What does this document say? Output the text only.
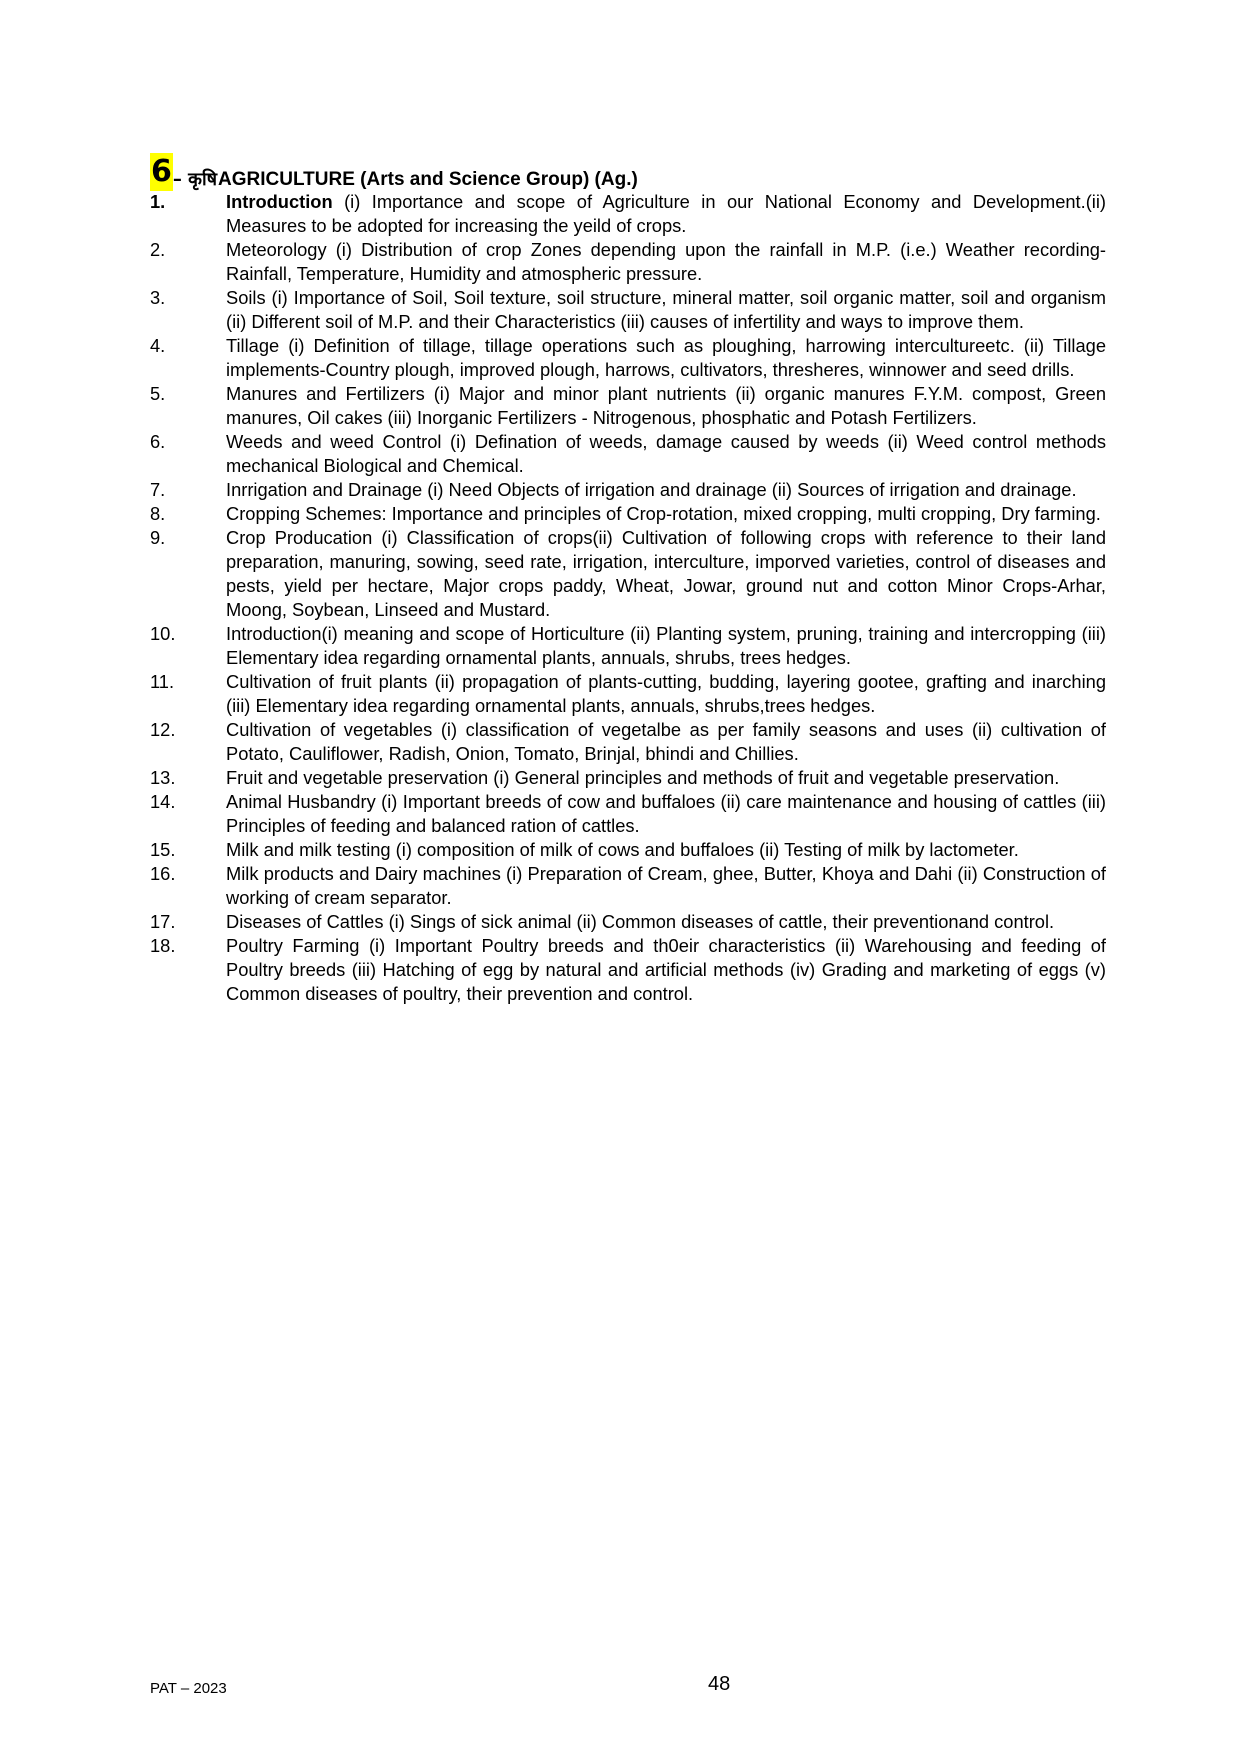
6 – कृषि AGRICULTURE (Arts and Science Group) (Ag.)
1.	Introduction (i) Importance and scope of Agriculture in our National Economy and Development.(ii) Measures to be adopted for increasing the yeild of crops.
2.	Meteorology (i) Distribution of crop Zones depending upon the rainfall in M.P. (i.e.) Weather recording-Rainfall, Temperature, Humidity and atmospheric pressure.
3.	Soils (i) Importance of Soil, Soil texture, soil structure, mineral matter, soil organic matter, soil and organism (ii) Different soil of M.P. and their Characteristics (iii) causes of infertility and ways to improve them.
4.	Tillage (i) Definition of tillage, tillage operations such as ploughing, harrowing intercultureetc. (ii) Tillage implements-Country plough, improved plough, harrows, cultivators, thresheres, winnower and seed drills.
5.	Manures and Fertilizers (i) Major and minor plant nutrients (ii) organic manures F.Y.M. compost, Green manures, Oil cakes (iii) Inorganic Fertilizers - Nitrogenous, phosphatic and Potash Fertilizers.
6.	Weeds and weed Control (i) Defination of weeds, damage caused by weeds (ii) Weed control methods mechanical Biological and Chemical.
7.	Inrrigation and Drainage (i) Need Objects of irrigation and drainage (ii) Sources of irrigation and drainage.
8.	Cropping Schemes: Importance and principles of Crop-rotation, mixed cropping, multi cropping, Dry farming.
9.	Crop Producation (i) Classification of crops(ii) Cultivation of following crops with reference to their land preparation, manuring, sowing, seed rate, irrigation, interculture, imporved varieties, control of diseases and pests, yield per hectare, Major crops paddy, Wheat, Jowar, ground nut and cotton Minor Crops-Arhar, Moong, Soybean, Linseed and Mustard.
10.	Introduction(i) meaning and scope of Horticulture (ii) Planting system, pruning, training and intercropping (iii) Elementary idea regarding ornamental plants, annuals, shrubs, trees hedges.
11.	Cultivation of fruit plants (ii) propagation of plants-cutting, budding, layering gootee, grafting and inarching (iii) Elementary idea regarding ornamental plants, annuals, shrubs,trees hedges.
12.	Cultivation of vegetables (i) classification of vegetalbe as per family seasons and uses (ii) cultivation of Potato, Cauliflower, Radish, Onion, Tomato, Brinjal, bhindi and Chillies.
13.	Fruit and vegetable preservation (i) General principles and methods of fruit and vegetable preservation.
14.	Animal Husbandry (i) Important breeds of cow and buffaloes (ii) care maintenance and housing of cattles (iii) Principles of feeding and balanced ration of cattles.
15.	Milk and milk testing (i) composition of milk of cows and buffaloes (ii) Testing of milk by lactometer.
16.	Milk products and Dairy machines (i) Preparation of Cream, ghee, Butter, Khoya and Dahi (ii) Construction of working of cream separator.
17.	Diseases of Cattles (i) Sings of sick animal (ii) Common diseases of cattle, their preventionand control.
18.	Poultry Farming (i) Important Poultry breeds and th0eir characteristics (ii) Warehousing and feeding of Poultry breeds (iii) Hatching of egg by natural and artificial methods (iv) Grading and marketing of eggs (v) Common diseases of poultry, their prevention and control.
PAT – 2023	48
